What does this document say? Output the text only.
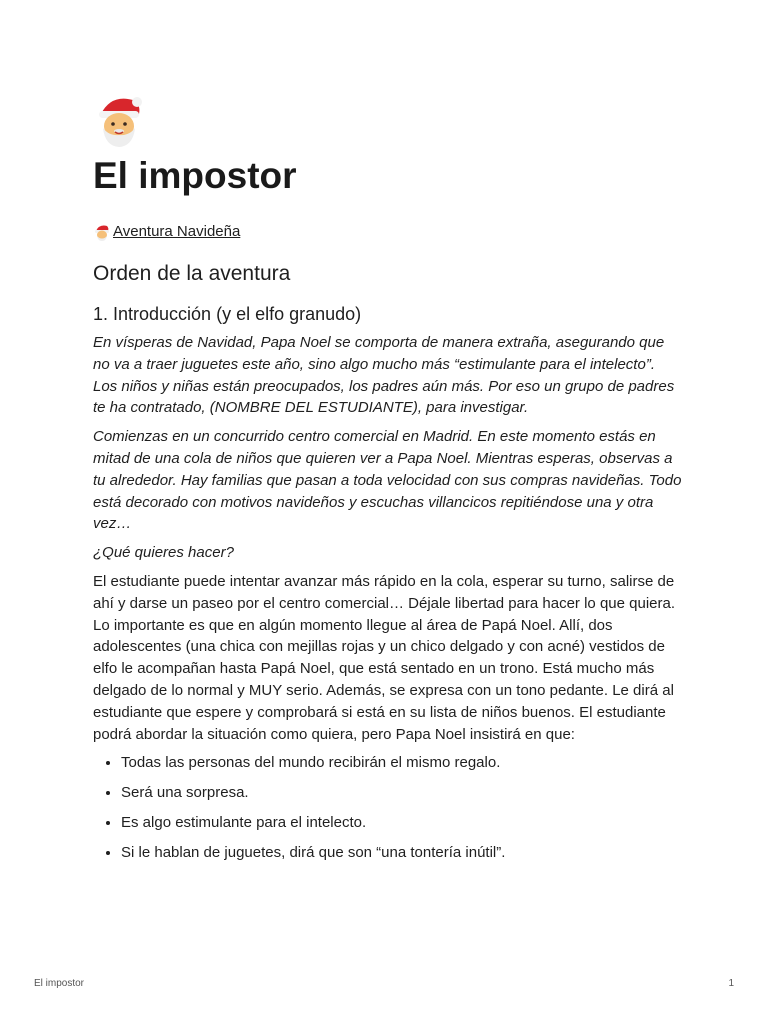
El impostor
Aventura Navideña
Orden de la aventura
1. Introducción (y el elfo granudo)

En vísperas de Navidad, Papa Noel se comporta de manera extraña, asegurando que no va a traer juguetes este año, sino algo mucho más “estimulante para el intelecto”. Los niños y niñas están preocupados, los padres aún más. Por eso un grupo de padres te ha contratado, (NOMBRE DEL ESTUDIANTE), para investigar.

Comienzas en un concurrido centro comercial en Madrid. En este momento estás en mitad de una cola de niños que quieren ver a Papa Noel. Mientras esperas, observas a tu alrededor. Hay familias que pasan a toda velocidad con sus compras navideñas. Todo está decorado con motivos navideños y escuchas villancicos repitiéndose una y otra vez…

¿Qué quieres hacer?

El estudiante puede intentar avanzar más rápido en la cola, esperar su turno, salirse de ahí y darse un paseo por el centro comercial… Déjale libertad para hacer lo que quiera. Lo importante es que en algún momento llegue al área de Papá Noel. Allí, dos adolescentes (una chica con mejillas rojas y un chico delgado y con acné) vestidos de elfo le acompañan hasta Papá Noel, que está sentado en un trono. Está mucho más delgado de lo normal y MUY serio. Además, se expresa con un tono pedante. Le dirá al estudiante que espere y comprobará si está en su lista de niños buenos. El estudiante podrá abordar la situación como quiera, pero Papa Noel insistirá en que:

• Todas las personas del mundo recibirán el mismo regalo.
• Será una sorpresa.
• Es algo estimulante para el intelecto.
• Si le hablan de juguetes, dirá que son “una tontería inútil”.
El impostor	1
